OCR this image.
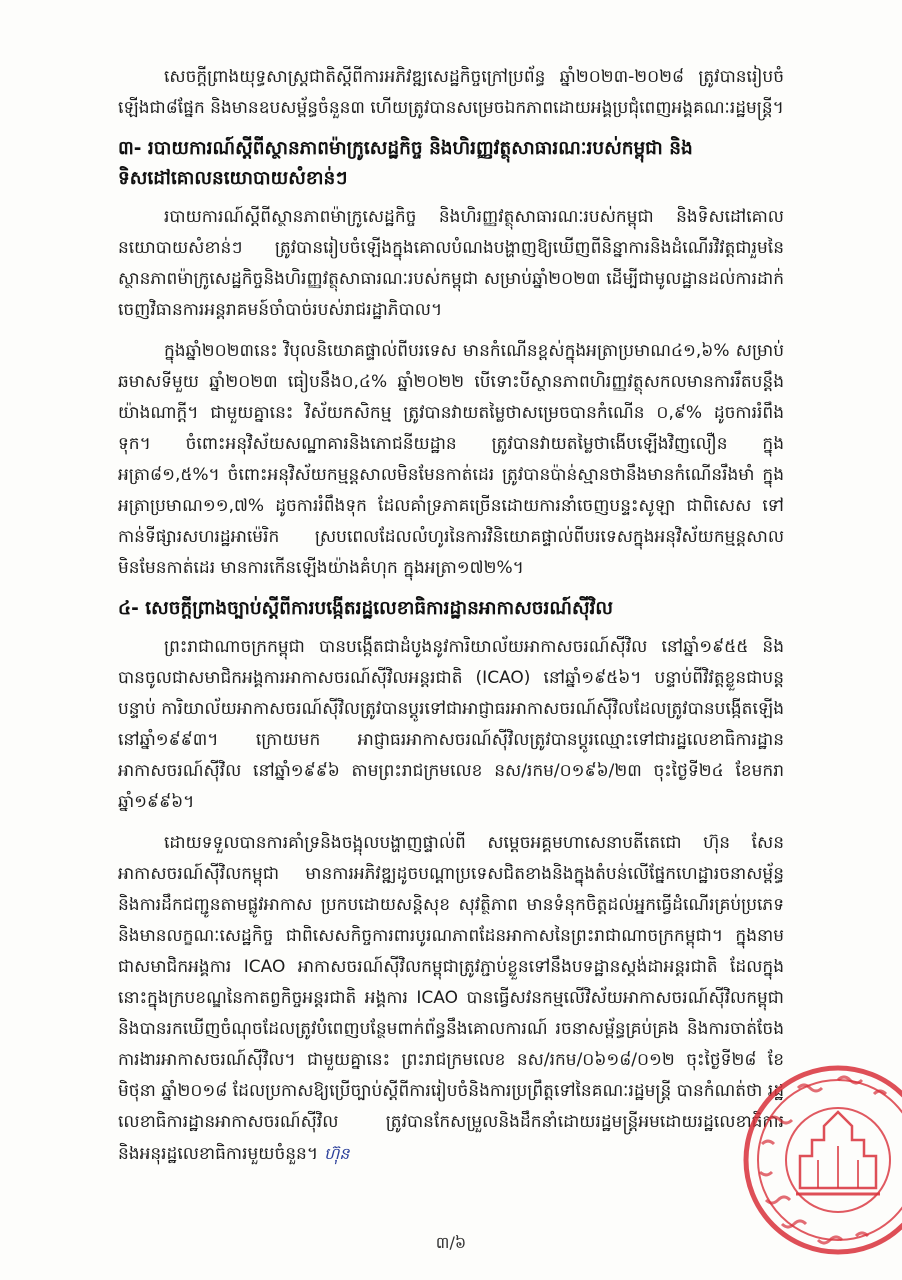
សេចក្តីព្រាងយុទ្ធសាស្ត្រជាតិស្តីពីការអភិវឌ្ឍសេដ្ឋកិច្ចក្រៅប្រព័ន្ធ ឆ្នាំ២០២៣-២០២៨ ត្រូវបានរៀបចំឡើងជា៨ផ្នែក និងមានឧបសម្ព័ន្ធចំនួន៣ ហើយត្រូវបានសម្រេចឯកភាពដោយអង្គប្រជុំពេញអង្គគណៈរដ្ឋមន្ត្រី។

៣- របាយការណ៍ស្តីពីស្ថានភាពម៉ាក្រូសេដ្ឋកិច្ច និងហិរញ្ញវត្ថុសាធារណៈរបស់កម្ពុជា និងទិសដៅគោលនយោបាយសំខាន់ៗ

របាយការណ៍ស្តីពីស្ថានភាពម៉ាក្រូសេដ្ឋកិច្ច និងហិរញ្ញវត្ថុសាធារណៈរបស់កម្ពុជា និងទិសដៅគោលនយោបាយសំខាន់ៗ ត្រូវបានរៀបចំឡើងក្នុងគោលបំណងបង្ហាញឱ្យឃើញពីនិន្នាការនិងដំណើរវិវត្តជារួមនៃស្ថានភាពម៉ាក្រូសេដ្ឋកិច្ចនិងហិរញ្ញវត្ថុសាធារណៈរបស់កម្ពុជា សម្រាប់ឆ្នាំ២០២៣ ដើម្បីជាមូលដ្ឋានដល់ការដាក់ចេញវិធានការអន្តរាគមន៍ចាំបាច់របស់រាជរដ្ឋាភិបាល។

ក្នុងឆ្នាំ២០២៣នេះ វិបុលនិយោគផ្ទាល់ពីបរទេស មានកំណើនខ្ពស់ក្នុងអត្រាប្រមាណ៤១,៦% សម្រាប់ឆមាសទីមួយ ឆ្នាំ២០២៣ ធៀបនឹង០,៤% ឆ្នាំ២០២២ បើទោះបីស្ថានភាពហិរញ្ញវត្ថុសកលមានការរឹតបន្តឹងយ៉ាងណាក្តី។ ជាមួយគ្នានេះ វិស័យកសិកម្ម ត្រូវបានវាយតម្លៃថាសម្រេចបានកំណើន ០,៩% ដូចការរំពឹងទុក។ ចំពោះអនុវិស័យសណ្ឋាគារនិងភោជនីយដ្ឋាន ត្រូវបានវាយតម្លៃថាងើបឡើងវិញលឿន ក្នុងអត្រា៨១,៥%។ ចំពោះអនុវិស័យកម្មន្តសាលមិនមែនកាត់ដេរ ត្រូវបានប៉ាន់ស្មានថានឹងមានកំណើនរឹងមាំ ក្នុងអត្រាប្រមាណ១១,៧% ដូចការរំពឹងទុក ដែលគាំទ្រភាគច្រើនដោយការនាំចេញបន្ទះសូឡា ជាពិសេស ទៅកាន់ទីផ្សារសហរដ្ឋអាម៉េរិក ស្របពេលដែលលំហូរនៃការវិនិយោគផ្ទាល់ពីបរទេសក្នុងអនុវិស័យកម្មន្តសាលមិនមែនកាត់ដេរ មានការកើនឡើងយ៉ាងគំហុក ក្នុងអត្រា១៧២%។

៤- សេចក្តីព្រាងច្បាប់ស្តីពីការបង្កើតរដ្ឋលេខាធិការដ្ឋានអាកាសចរណ៍ស៊ីវិល

ព្រះរាជាណាចក្រកម្ពុជា បានបង្កើតជាដំបូងនូវការិយាល័យអាកាសចរណ៍ស៊ីវិល នៅឆ្នាំ១៩៥៥ និងបានចូលជាសមាជិកអង្គការអាកាសចរណ៍ស៊ីវិលអន្តរជាតិ (ICAO) នៅឆ្នាំ១៩៥៦។ បន្ទាប់ពីវិវត្តខ្លួនជាបន្តបន្ទាប់ ការិយាល័យអាកាសចរណ៍ស៊ីវិលត្រូវបានប្តូរទៅជាអាជ្ញាធរអាកាសចរណ៍ស៊ីវិលដែលត្រូវបានបង្កើតឡើងនៅឆ្នាំ១៩៩៣។ ក្រោយមក អាជ្ញាធរអាកាសចរណ៍ស៊ីវិលត្រូវបានប្តូរឈ្មោះទៅជារដ្ឋលេខាធិការដ្ឋានអាកាសចរណ៍ស៊ីវិល នៅឆ្នាំ១៩៩៦ តាមព្រះរាជក្រមលេខ នស/រកម/០១៩៦/២៣ ចុះថ្ងៃទី២៤ ខែមករា ឆ្នាំ១៩៩៦។

ដោយទទួលបានការគាំទ្រនិងចង្អុលបង្ហាញផ្ទាល់ពី សម្តេចអគ្គមហាសេនាបតីតេជោ ហ៊ុន សែន អាកាសចរណ៍ស៊ីវិលកម្ពុជា មានការអភិវឌ្ឍដូចបណ្តាប្រទេសជិតខាងនិងក្នុងតំបន់លើផ្នែកហេដ្ឋារចនាសម្ព័ន្ធនិងការដឹកជញ្ជូនតាមផ្លូវអាកាស ប្រកបដោយសន្តិសុខ សុវត្ថិភាព មានទំនុកចិត្តដល់អ្នកធ្វើដំណើរគ្រប់ប្រភេទ និងមានលក្ខណៈសេដ្ឋកិច្ច ជាពិសេសកិច្ចការពារបូរណភាពដែនអាកាសនៃព្រះរាជាណាចក្រកម្ពុជា។ ក្នុងនាមជាសមាជិកអង្គការ ICAO អាកាសចរណ៍ស៊ីវិលកម្ពុជាត្រូវភ្ជាប់ខ្លួនទៅនឹងបទដ្ឋានស្តង់ដាអន្តរជាតិ ដែលក្នុងនោះក្នុងក្របខណ្ឌនៃកាតព្វកិច្ចអន្តរជាតិ អង្គការ ICAO បានធ្វើសវនកម្មលើវិស័យអាកាសចរណ៍ស៊ីវិលកម្ពុជា និងបានរកឃើញចំណុចដែលត្រូវបំពេញបន្ថែមពាក់ព័ន្ធនឹងគោលការណ៍ រចនាសម្ព័ន្ធគ្រប់គ្រង និងការចាត់ចែងការងារអាកាសចរណ៍ស៊ីវិល។ ជាមួយគ្នានេះ ព្រះរាជក្រមលេខ នស/រកម/០៦១៨/០១២ ចុះថ្ងៃទី២៨ ខែមិថុនា ឆ្នាំ២០១៨ ដែលប្រកាសឱ្យប្រើច្បាប់ស្តីពីការរៀបចំនិងការប្រព្រឹត្តទៅនៃគណៈរដ្ឋមន្ត្រី បានកំណត់ថា រដ្ឋលេខាធិការដ្ឋានអាកាសចរណ៍ស៊ីវិល ត្រូវបានកែសម្រួលនិងដឹកនាំដោយរដ្ឋមន្ត្រីអមដោយរដ្ឋលេខាធិការនិងអនុរដ្ឋលេខាធិការមួយចំនួន។ ហ៊ុន

៣/៦
